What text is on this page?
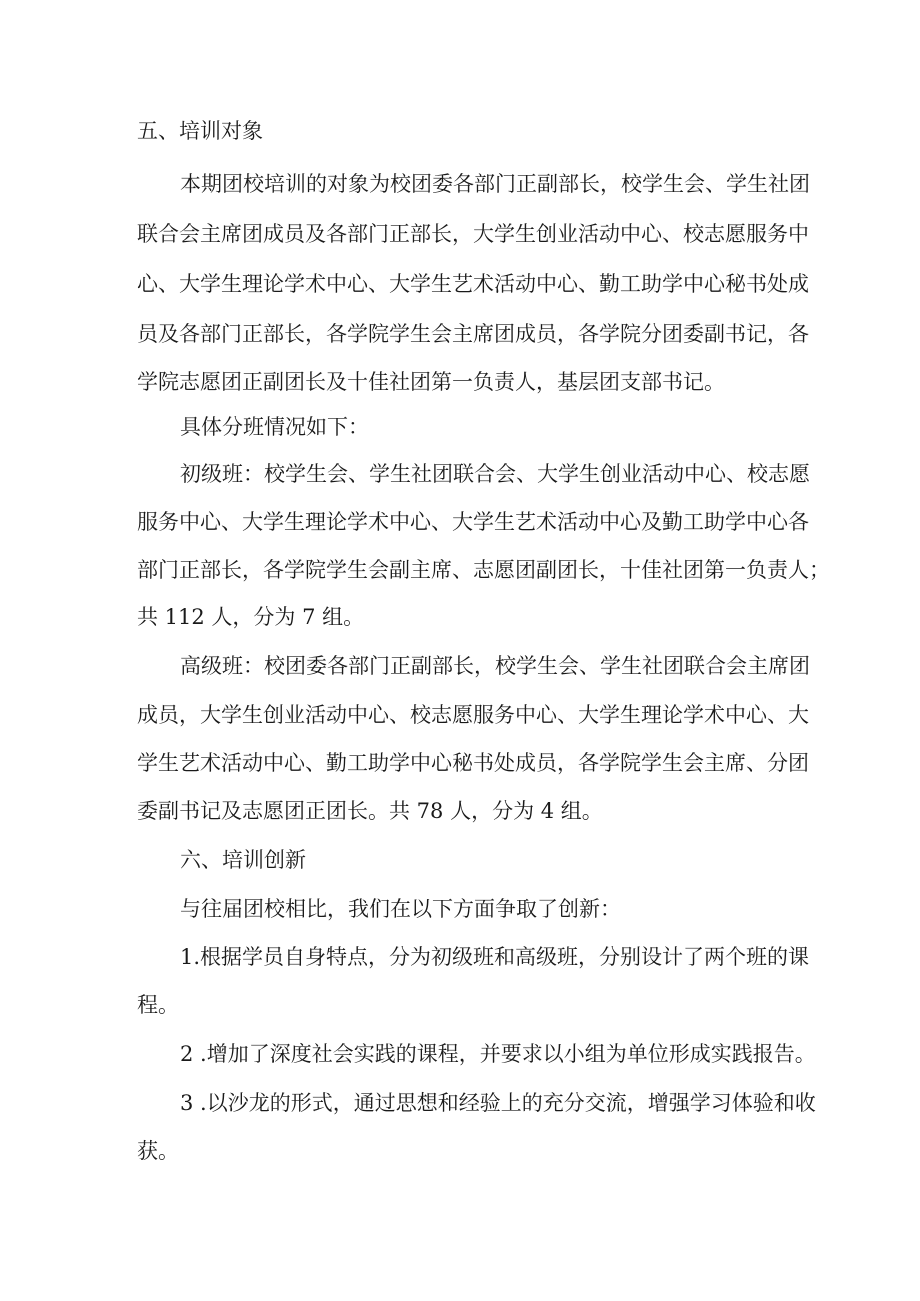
五、培训对象
本期团校培训的对象为校团委各部门正副部长，校学生会、学生社团
联合会主席团成员及各部门正部长，大学生创业活动中心、校志愿服务中
心、大学生理论学术中心、大学生艺术活动中心、勤工助学中心秘书处成
员及各部门正部长，各学院学生会主席团成员，各学院分团委副书记，各
学院志愿团正副团长及十佳社团第一负责人，基层团支部书记。
具体分班情况如下：
初级班：校学生会、学生社团联合会、大学生创业活动中心、校志愿
服务中心、大学生理论学术中心、大学生艺术活动中心及勤工助学中心各
部门正部长，各学院学生会副主席、志愿团副团长，十佳社团第一负责人；
共 112 人，分为 7 组。
高级班：校团委各部门正副部长，校学生会、学生社团联合会主席团
成员，大学生创业活动中心、校志愿服务中心、大学生理论学术中心、大
学生艺术活动中心、勤工助学中心秘书处成员，各学院学生会主席、分团
委副书记及志愿团正团长。共 78 人，分为 4 组。
六、培训创新
与往届团校相比，我们在以下方面争取了创新：
1.根据学员自身特点，分为初级班和高级班，分别设计了两个班的课
程。
2 .增加了深度社会实践的课程，并要求以小组为单位形成实践报告。
3 .以沙龙的形式，通过思想和经验上的充分交流，增强学习体验和收
获。
